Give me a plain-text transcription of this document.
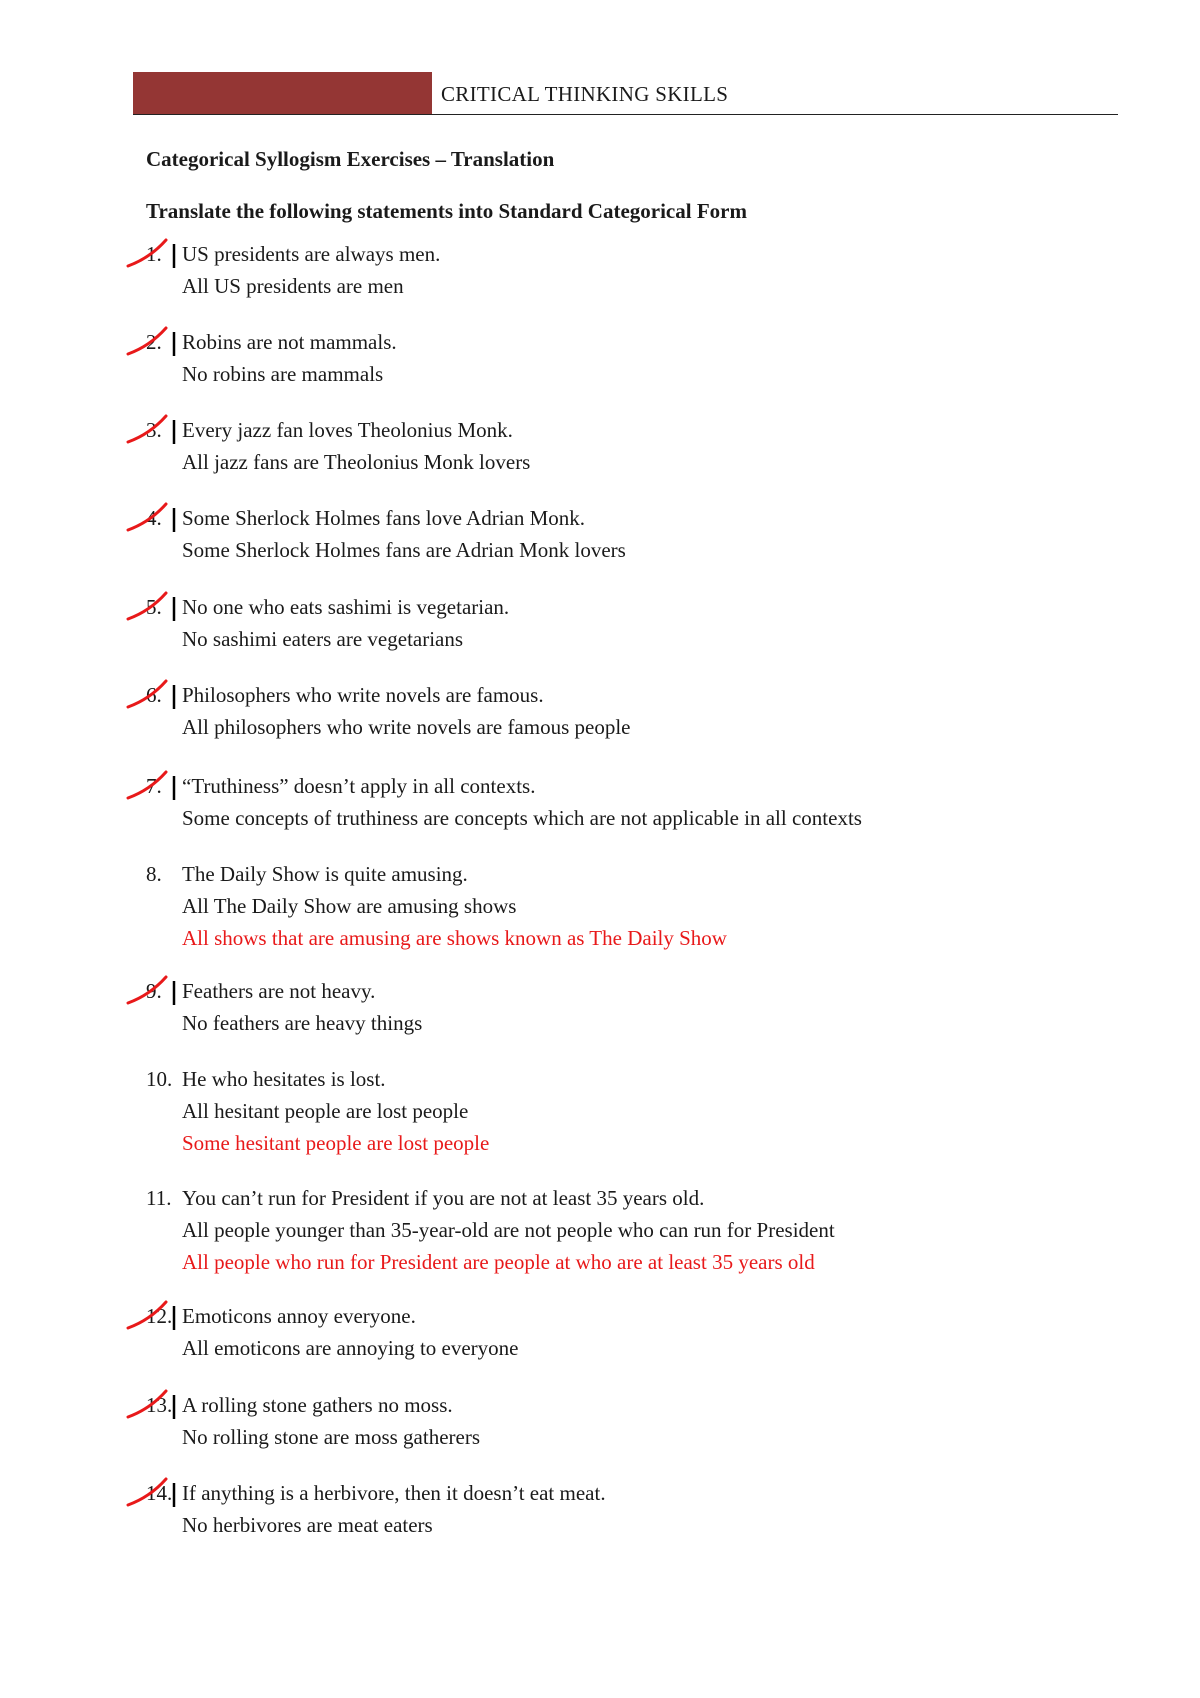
CRITICAL THINKING SKILLS
Categorical Syllogism Exercises – Translation
Translate the following statements into Standard Categorical Form
1. US presidents are always men.
All US presidents are men
2. Robins are not mammals.
No robins are mammals
3. Every jazz fan loves Theolonius Monk.
All jazz fans are Theolonius Monk lovers
4. Some Sherlock Holmes fans love Adrian Monk.
Some Sherlock Holmes fans are Adrian Monk lovers
5. No one who eats sashimi is vegetarian.
No sashimi eaters are vegetarians
6. Philosophers who write novels are famous.
All philosophers who write novels are famous people
7. “Truthiness” doesn’t apply in all contexts.
Some concepts of truthiness are concepts which are not applicable in all contexts
8. The Daily Show is quite amusing.
All The Daily Show are amusing shows
All shows that are amusing are shows known as The Daily Show
9. Feathers are not heavy.
No feathers are heavy things
10. He who hesitates is lost.
All hesitant people are lost people
Some hesitant people are lost people
11. You can’t run for President if you are not at least 35 years old.
All people younger than 35-year-old are not people who can run for President
All people who run for President are people at who are at least 35 years old
12. Emoticons annoy everyone.
All emoticons are annoying to everyone
13. A rolling stone gathers no moss.
No rolling stone are moss gatherers
14. If anything is a herbivore, then it doesn’t eat meat.
No herbivores are meat eaters
